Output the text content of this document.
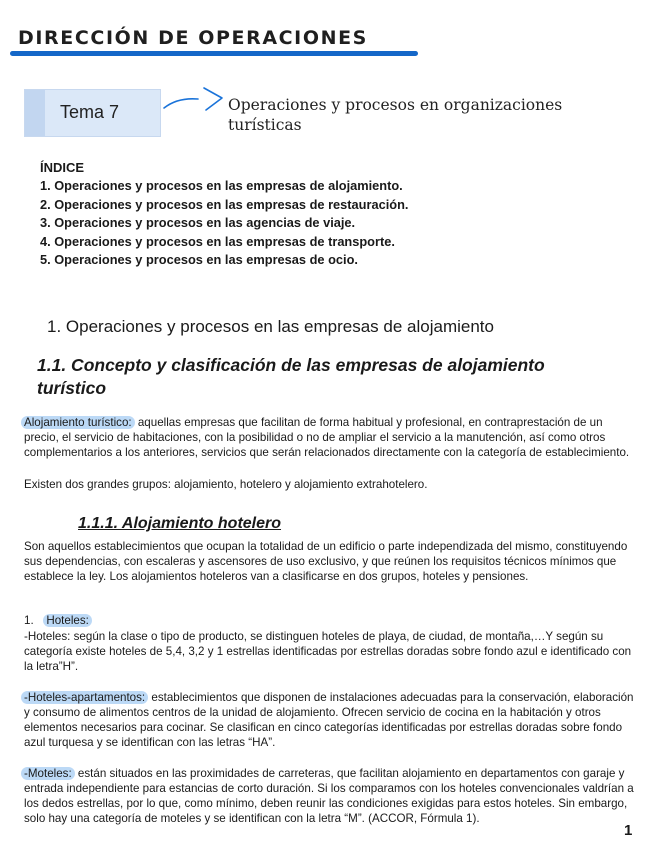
DIRECCIÓN DE OPERACIONES
Tema 7	Operaciones y procesos en organizaciones turísticas
ÍNDICE
1. Operaciones y procesos en las empresas de alojamiento.
2. Operaciones y procesos en las empresas de restauración.
3. Operaciones y procesos en las agencias de viaje.
4. Operaciones y procesos en las empresas de transporte.
5. Operaciones y procesos en las empresas de ocio.
1. Operaciones y procesos en las empresas de alojamiento
1.1. Concepto y clasificación de las empresas de alojamiento turístico
Alojamiento turístico: aquellas empresas que facilitan de forma habitual y profesional, en contraprestación de un precio, el servicio de habitaciones, con la posibilidad o no de ampliar el servicio a la manutención, así como otros complementarios a los anteriores, servicios que serán relacionados directamente con la categoría de establecimiento.
Existen dos grandes grupos: alojamiento, hotelero y alojamiento extrahotelero.
1.1.1. Alojamiento hotelero
Son aquellos establecimientos que ocupan la totalidad de un edificio o parte independizada del mismo, constituyendo sus dependencias, con escaleras y ascensores de uso exclusivo, y que reúnen los requisitos técnicos mínimos que establece la ley. Los alojamientos hoteleros van a clasificarse en dos grupos, hoteles y pensiones.
1. Hoteles:
-Hoteles: según la clase o tipo de producto, se distinguen hoteles de playa, de ciudad, de montaña,…Y según su categoría existe hoteles de 5,4, 3,2 y 1 estrellas identificadas por estrellas doradas sobre fondo azul e identificado con la letra”H”.
-Hoteles-apartamentos: establecimientos que disponen de instalaciones adecuadas para la conservación, elaboración y consumo de alimentos centros de la unidad de alojamiento. Ofrecen servicio de cocina en la habitación y otros elementos necesarios para cocinar. Se clasifican en cinco categorías identificadas por estrellas doradas sobre fondo azul turquesa y se identifican con las letras “HA”.
-Moteles: están situados en las proximidades de carreteras, que facilitan alojamiento en departamentos con garaje y entrada independiente para estancias de corto duración. Si los comparamos con los hoteles convencionales valdrían a los dedos estrellas, por lo que, como mínimo, deben reunir las condiciones exigidas para estos hoteles. Sin embargo, solo hay una categoría de moteles y se identifican con la letra “M”. (ACCOR, Fórmula 1).
1
